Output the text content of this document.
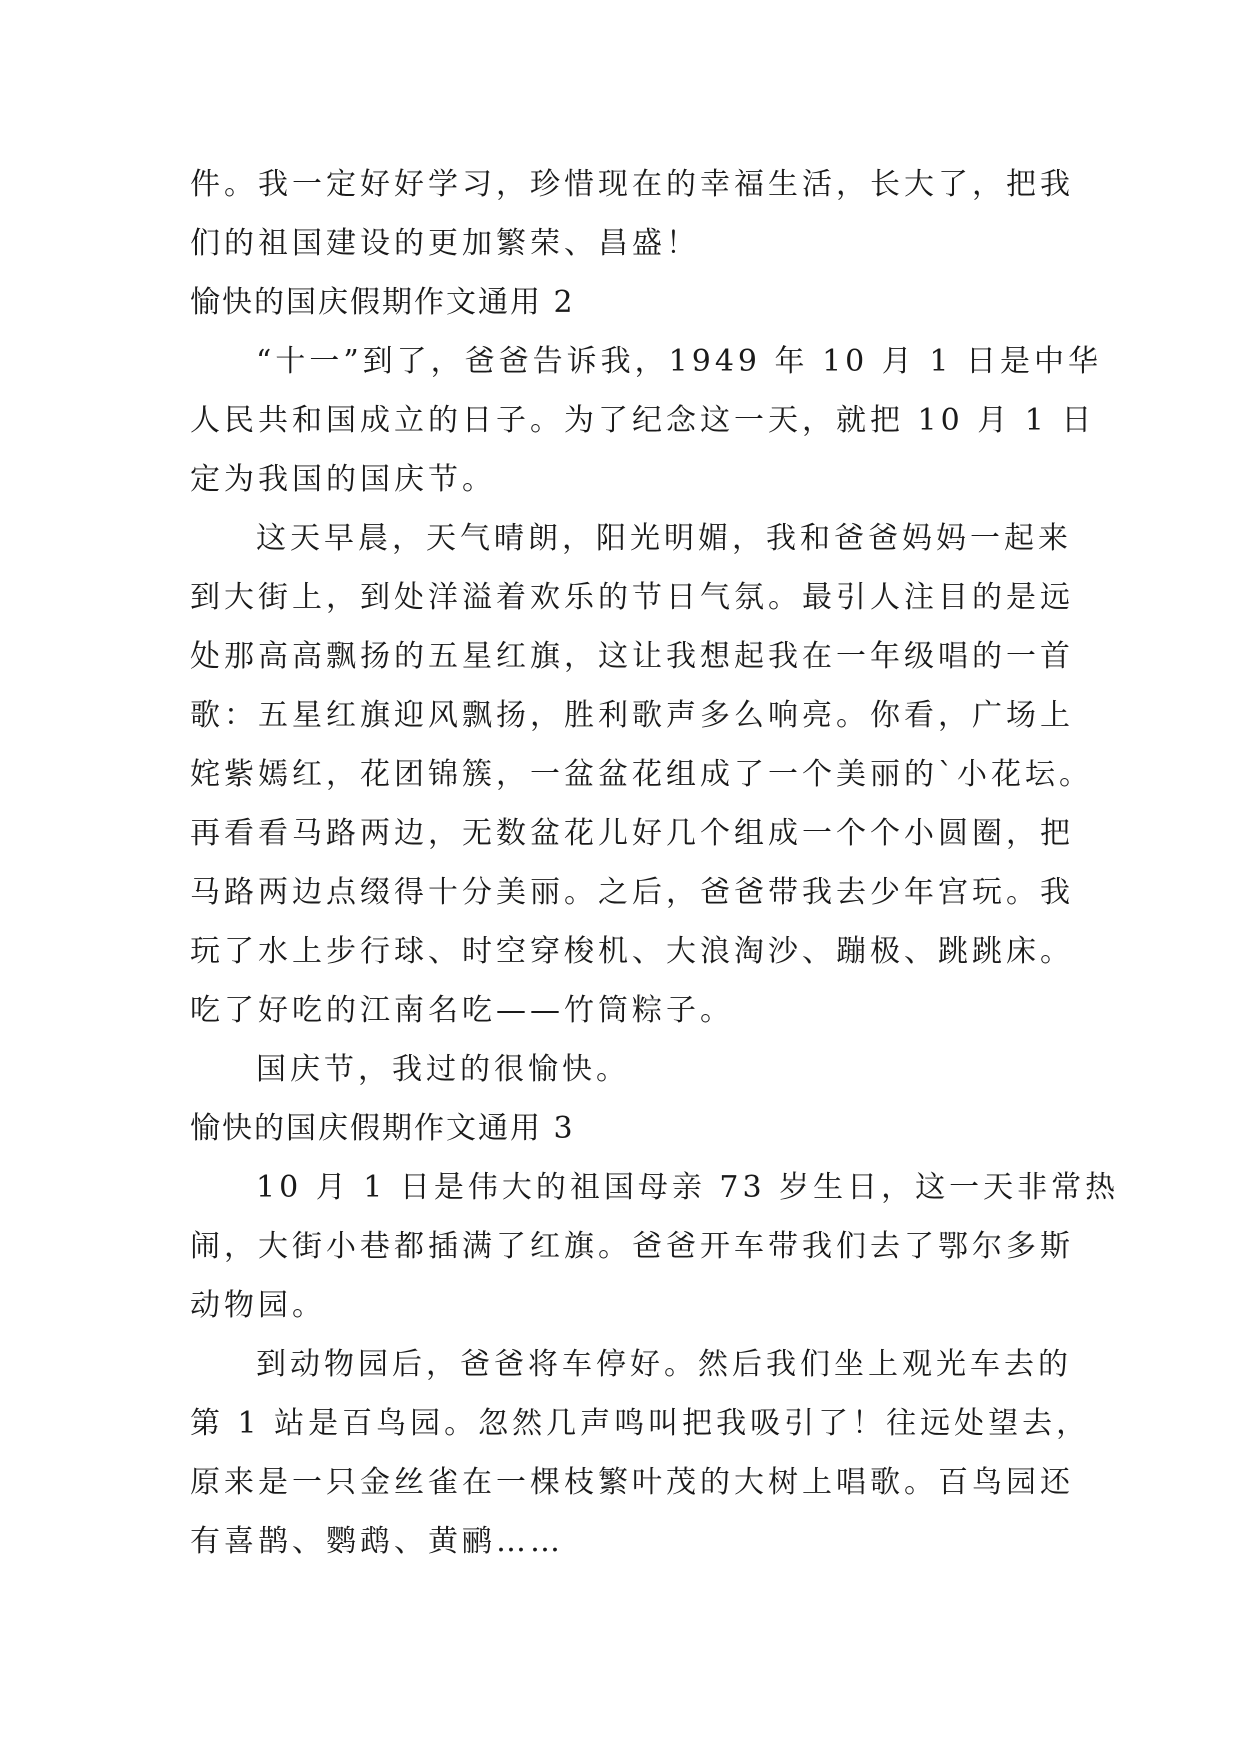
件。我一定好好学习，珍惜现在的幸福生活，长大了，把我
们的祖国建设的更加繁荣、昌盛！
愉快的国庆假期作文通用 2
“十一”到了，爸爸告诉我，1949 年 10 月 1 日是中华
人民共和国成立的日子。为了纪念这一天，就把 10 月 1 日
定为我国的国庆节。
这天早晨，天气晴朗，阳光明媚，我和爸爸妈妈一起来
到大街上，到处洋溢着欢乐的节日气氛。最引人注目的是远
处那高高飘扬的五星红旗，这让我想起我在一年级唱的一首
歌：五星红旗迎风飘扬，胜利歌声多么响亮。你看，广场上
姹紫嫣红，花团锦簇，一盆盆花组成了一个美丽的`小花坛。
再看看马路两边，无数盆花儿好几个组成一个个小圆圈，把
马路两边点缀得十分美丽。之后，爸爸带我去少年宫玩。我
玩了水上步行球、时空穿梭机、大浪淘沙、蹦极、跳跳床。
吃了好吃的江南名吃——竹筒粽子。
国庆节，我过的很愉快。
愉快的国庆假期作文通用 3
10 月 1 日是伟大的祖国母亲 73 岁生日，这一天非常热
闹，大街小巷都插满了红旗。爸爸开车带我们去了鄂尔多斯
动物园。
到动物园后，爸爸将车停好。然后我们坐上观光车去的
第 1 站是百鸟园。忽然几声鸣叫把我吸引了！往远处望去，
原来是一只金丝雀在一棵枝繁叶茂的大树上唱歌。百鸟园还
有喜鹊、鹦鹉、黄鹂……
